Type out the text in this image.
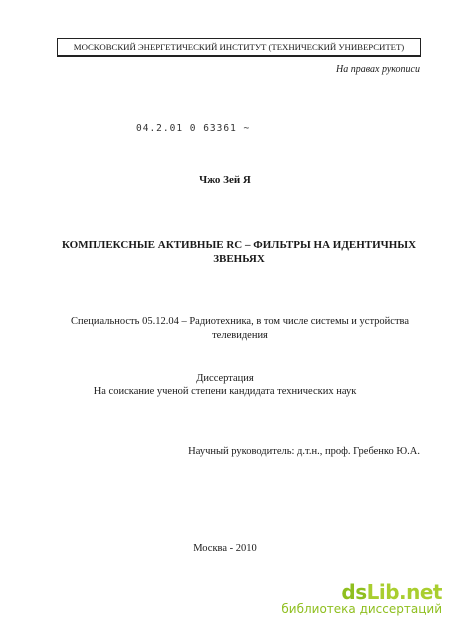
МОСКОВСКИЙ ЭНЕРГЕТИЧЕСКИЙ ИНСТИТУТ (ТЕХНИЧЕСКИЙ УНИВЕРСИТЕТ)
На правах рукописи
04.2.01 0 63361 ~
Чжо Зей Я
КОМПЛЕКСНЫЕ АКТИВНЫЕ RC – ФИЛЬТРЫ НА ИДЕНТИЧНЫХ
ЗВЕНЬЯХ
Специальность 05.12.04 – Радиотехника, в том числе системы и устройства
телевидения
Диссертация
На соискание ученой степени кандидата технических наук
Научный руководитель: д.т.н., проф. Гребенко Ю.А.
Москва - 2010
dsLib.net
библиотека диссертаций
